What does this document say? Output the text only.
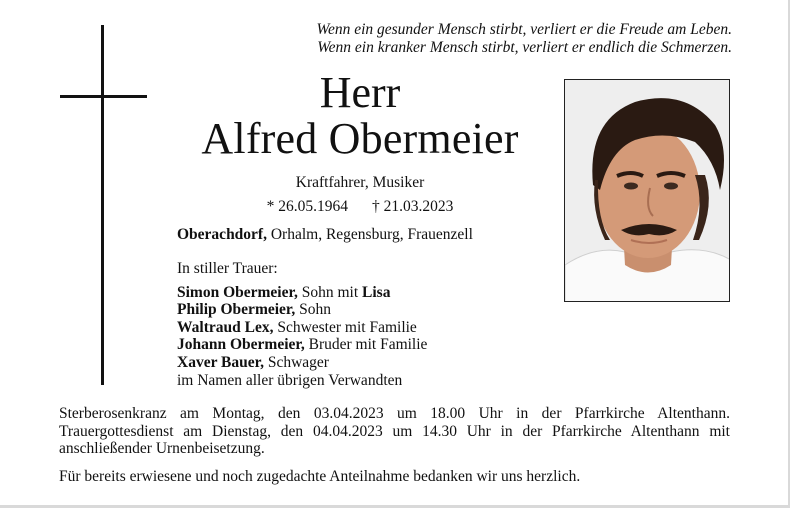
Wenn ein gesunder Mensch stirbt, verliert er die Freude am Leben.
Wenn ein kranker Mensch stirbt, verliert er endlich die Schmerzen.
Herr
Alfred Obermeier
Kraftfahrer, Musiker
* 26.05.1964 † 21.03.2023
Oberachdorf, Orhalm, Regensburg, Frauenzell
In stiller Trauer:
Simon Obermeier, Sohn mit Lisa
Philip Obermeier, Sohn
Waltraud Lex, Schwester mit Familie
Johann Obermeier, Bruder mit Familie
Xaver Bauer, Schwager
im Namen aller übrigen Verwandten

Sterberosenkranz am Montag, den 03.04.2023 um 18.00 Uhr in der Pfarrkirche Altenthann. Trauergottesdienst am Dienstag, den 04.04.2023 um 14.30 Uhr in der Pfarrkirche Altenthann mit anschließender Urnenbeisetzung.

Für bereits erwiesene und noch zugedachte Anteilnahme bedanken wir uns herzlich.
